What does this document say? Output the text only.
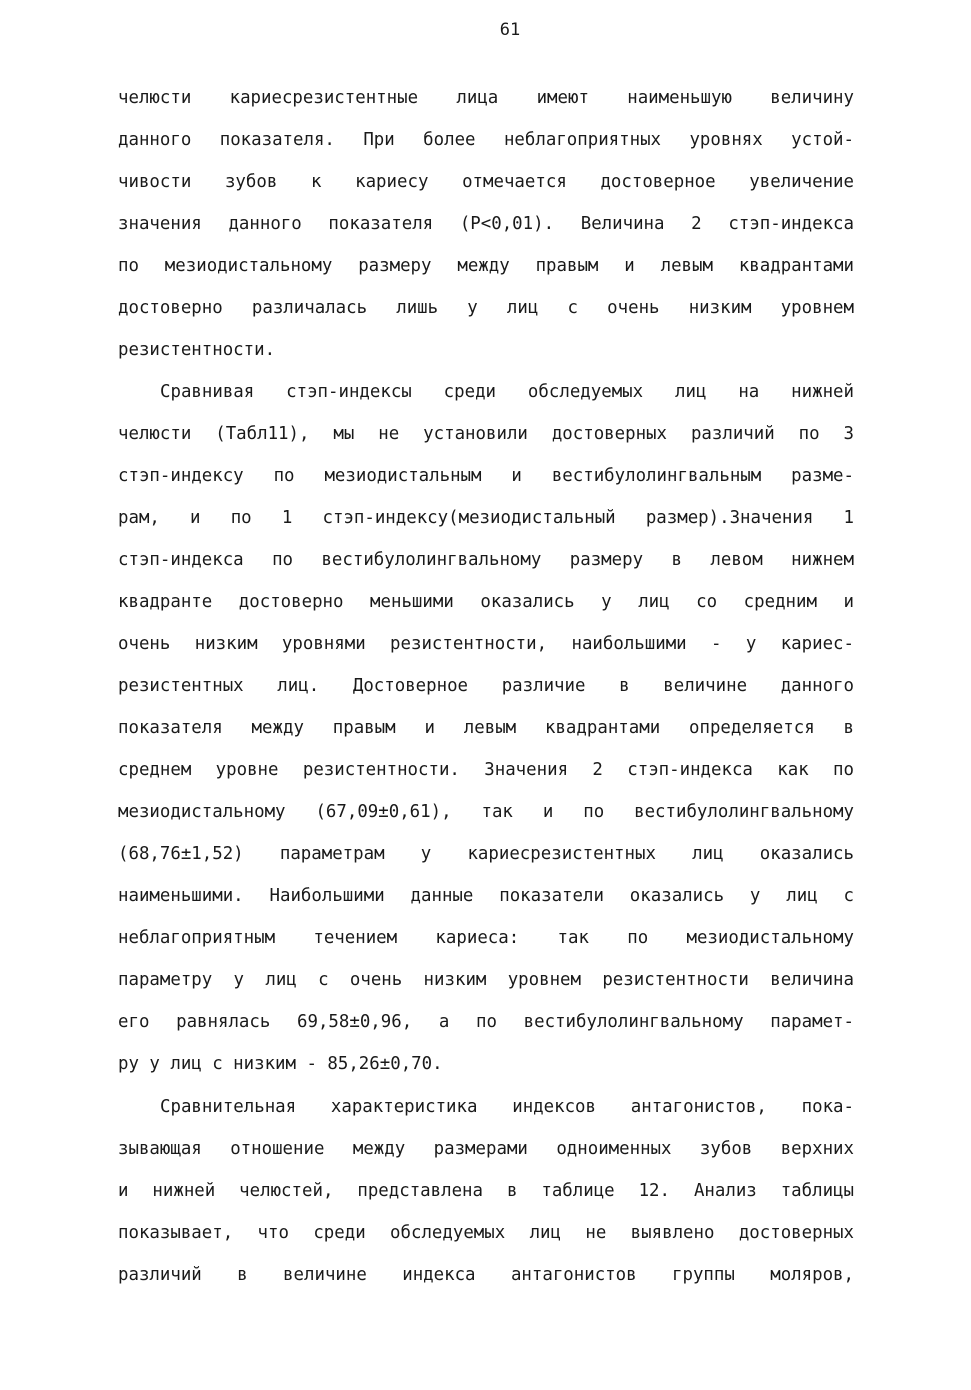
61
челюсти кариесрезистентные лица имеют наименьшую величину
данного показателя. При более неблагоприятных уровнях устой-
чивости зубов к кариесу отмечается достоверное увеличение
значения данного показателя (P<0,01). Величина 2 стэп-индекса
по мезиодистальному размеру между правым и левым квадрантами
достоверно различалась лишь у лиц с очень низким уровнем
резистентности.
Сравнивая стэп-индексы среди обследуемых лиц на нижней
челюсти (Табл11), мы не установили достоверных различий по 3
стэп-индексу по мезиодистальным и вестибулолингвальным разме-
рам, и по 1 стэп-индексу(мезиодистальный размер).Значения 1
стэп-индекса по вестибулолингвальному размеру в левом нижнем
квадранте достоверно меньшими оказались у лиц со средним и
очень низким уровнями резистентности, наибольшими - у кариес-
резистентных лиц. Достоверное различие в величине данного
показателя между правым и левым квадрантами определяется в
среднем уровне резистентности. Значения 2 стэп-индекса как по
мезиодистальному (67,09±0,61), так и по вестибулолингвальному
(68,76±1,52) параметрам у кариесрезистентных лиц оказались
наименьшими. Наибольшими данные показатели оказались у лиц с
неблагоприятным течением кариеса: так по мезиодистальному
параметру у лиц с очень низким уровнем резистентности величина
его равнялась 69,58±0,96, а по вестибулолингвальному парамет-
ру у лиц с низким - 85,26±0,70.
Сравнительная характеристика индексов антагонистов, пока-
зывающая отношение между размерами одноименных зубов верхних
и нижней челюстей, представлена в таблице 12. Анализ таблицы
показывает, что среди обследуемых лиц не выявлено достоверных
различий в величине индекса антагонистов группы моляров,
